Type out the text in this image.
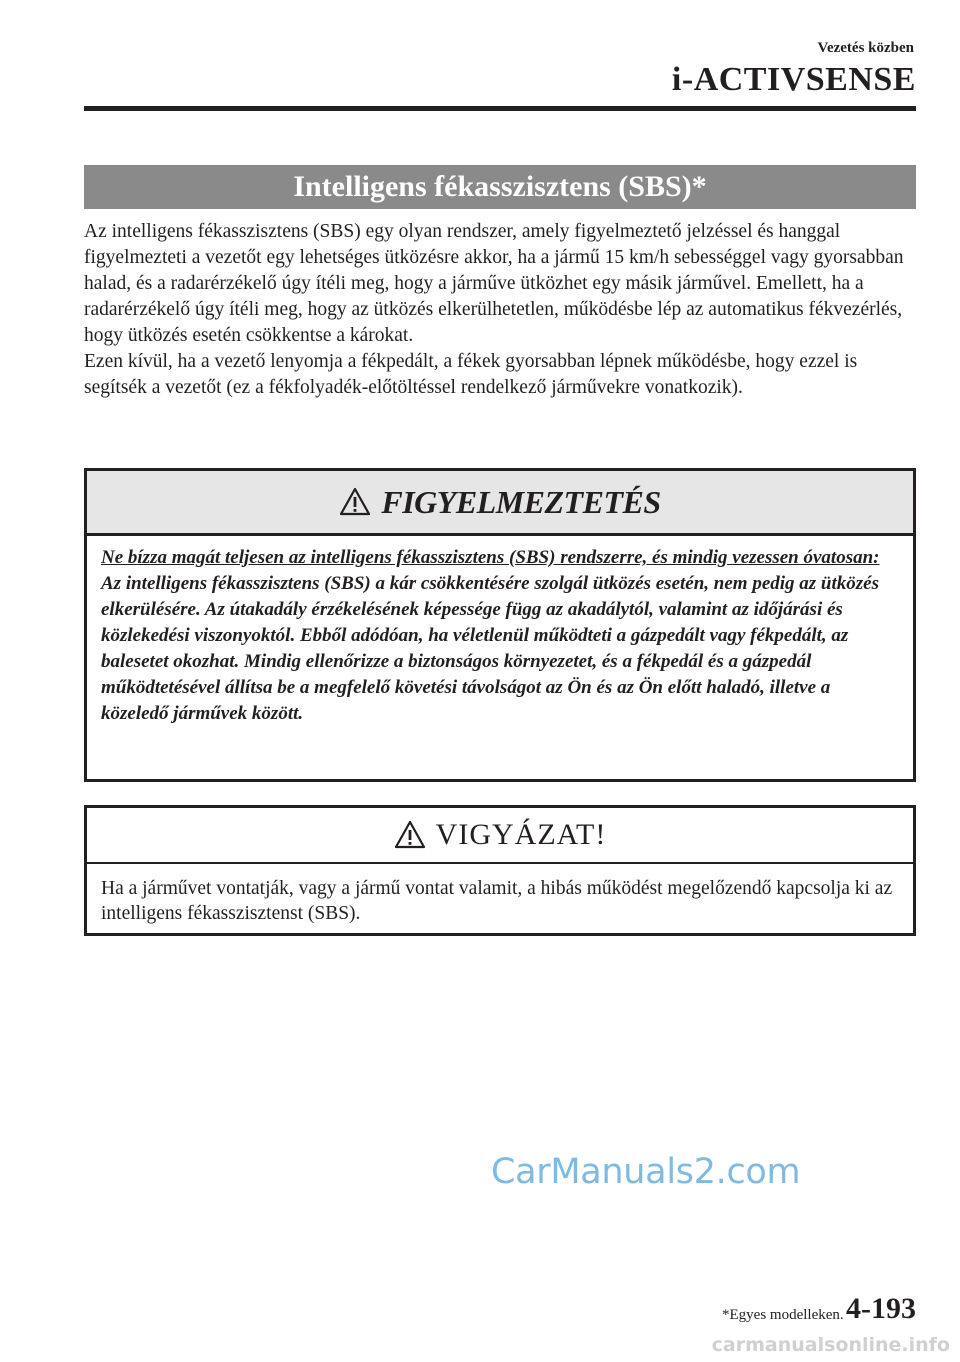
Vezetés közben
i-ACTIVSENSE
Intelligens fékasszisztens (SBS)*

Az intelligens fékasszisztens (SBS) egy olyan rendszer, amely figyelmeztető jelzéssel és hanggal figyelmezteti a vezetőt egy lehetséges ütközésre akkor, ha a jármű 15 km/h sebességgel vagy gyorsabban halad, és a radarérzékelő úgy ítéli meg, hogy a járműve ütközhet egy másik járművel. Emellett, ha a radarérzékelő úgy ítéli meg, hogy az ütközés elkerülhetetlen, működésbe lép az automatikus fékvezérlés, hogy ütközés esetén csökkentse a károkat.

Ezen kívül, ha a vezető lenyomja a fékpedált, a fékek gyorsabban lépnek működésbe, hogy ezzel is segítsék a vezetőt (ez a fékfolyadék-előtöltéssel rendelkező járművekre vonatkozik).

FIGYELMEZTETÉS
Ne bízza magát teljesen az intelligens fékasszisztens (SBS) rendszerre, és mindig vezessen óvatosan:
Az intelligens fékasszisztens (SBS) a kár csökkentésére szolgál ütközés esetén, nem pedig az ütközés elkerülésére. Az útakadály érzékelésének képessége függ az akadálytól, valamint az időjárási és közlekedési viszonyoktól. Ebből adódóan, ha véletlenül működteti a gázpedált vagy fékpedált, az balesetet okozhat. Mindig ellenőrizze a biztonságos környezetet, és a fékpedál és a gázpedál működtetésével állítsa be a megfelelő követési távolságot az Ön és az Ön előtt haladó, illetve a közeledő járművek között.
VIGYÁZAT!
Ha a járművet vontatják, vagy a jármű vontat valamit, a hibás működést megelőzendő kapcsolja ki az intelligens fékasszisztenst (SBS).
CarManuals2.com
*Egyes modelleken. 4-193
carmanualsonline.info
